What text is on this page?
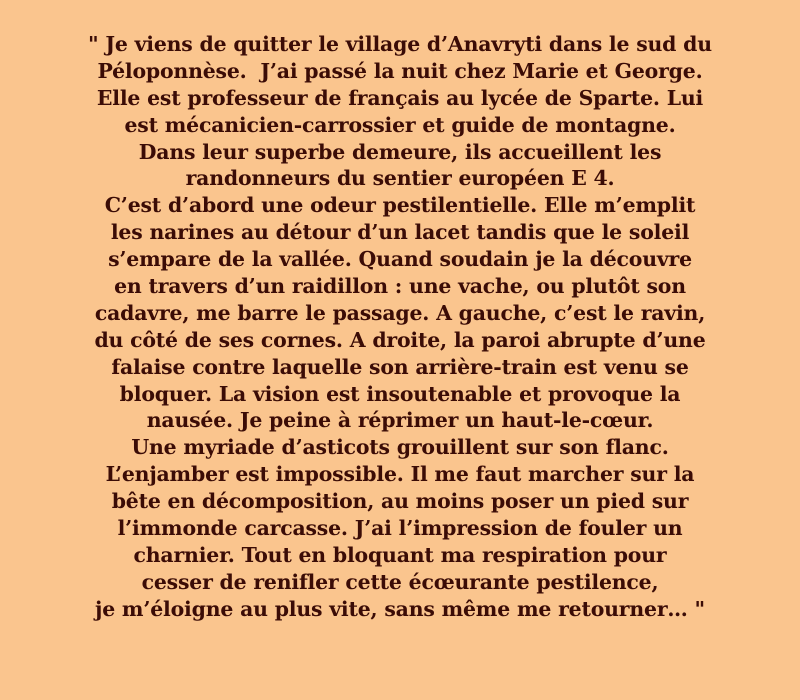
" Je viens de quitter le village d’Anavryti dans le sud du
Péloponnèse.  J’ai passé la nuit chez Marie et George.
Elle est professeur de français au lycée de Sparte. Lui
est mécanicien-carrossier et guide de montagne.
Dans leur superbe demeure, ils accueillent les
randonneurs du sentier européen E 4.
C’est d’abord une odeur pestilentielle. Elle m’emplit
les narines au détour d’un lacet tandis que le soleil
s’empare de la vallée. Quand soudain je la découvre
en travers d’un raidillon : une vache, ou plutôt son
cadavre, me barre le passage. A gauche, c’est le ravin,
du côté de ses cornes. A droite, la paroi abrupte d’une
falaise contre laquelle son arrière-train est venu se
bloquer. La vision est insoutenable et provoque la
nausée. Je peine à réprimer un haut-le-cœur.
Une myriade d’asticots grouillent sur son flanc.
L’enjamber est impossible. Il me faut marcher sur la
bête en décomposition, au moins poser un pied sur
l’immonde carcasse. J’ai l’impression de fouler un
charnier. Tout en bloquant ma respiration pour
cesser de renifler cette écœurante pestilence,
je m’éloigne au plus vite, sans même me retourner… "
